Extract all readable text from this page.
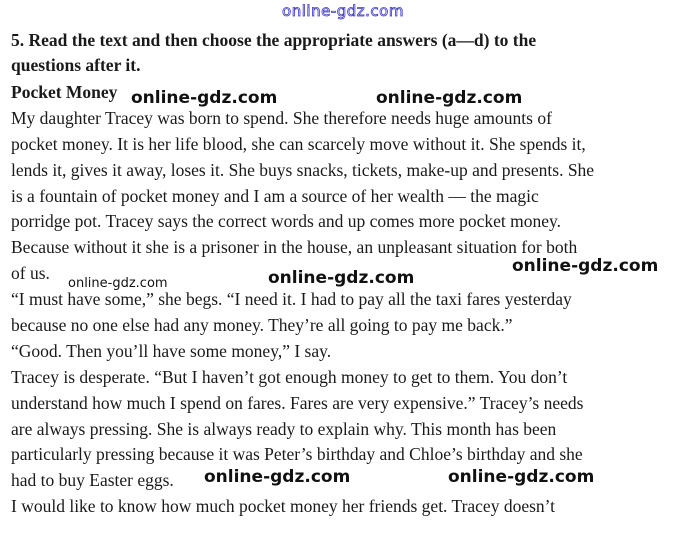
online-gdz.com
5. Read the text and then choose the appropriate answers (a—d) to the
questions after it.
Pocket Money
My daughter Tracey was born to spend. She therefore needs huge amounts of
pocket money. It is her life blood, she can scarcely move without it. She spends it,
lends it, gives it away, loses it. She buys snacks, tickets, make-up and presents. She
is a fountain of pocket money and I am a source of her wealth — the magic
porridge pot. Tracey says the correct words and up comes more pocket money.
Because without it she is a prisoner in the house, an unpleasant situation for both
of us.
“I must have some,” she begs. “I need it. I had to pay all the taxi fares yesterday
because no one else had any money. They’re all going to pay me back.”
“Good. Then you’ll have some money,” I say.
Tracey is desperate. “But I haven’t got enough money to get to them. You don’t
understand how much I spend on fares. Fares are very expensive.” Tracey’s needs
are always pressing. She is always ready to explain why. This month has been
particularly pressing because it was Peter’s birthday and Chloe’s birthday and she
had to buy Easter eggs.
I would like to know how much pocket money her friends get. Tracey doesn’t
online-gdz.com	online-gdz.com
online-gdz.com	online-gdz.com
online-gdz.com
online-gdz.com	online-gdz.com
